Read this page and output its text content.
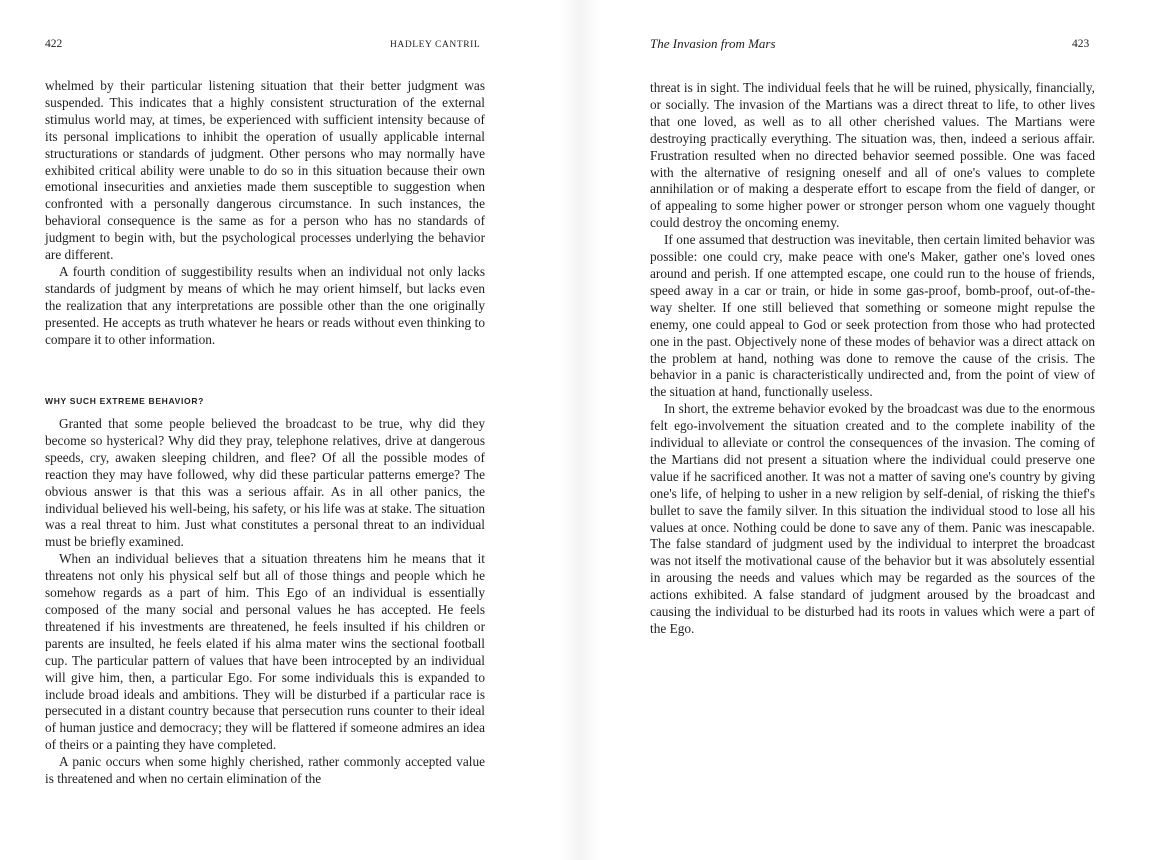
422	HADLEY CANTRIL

whelmed by their particular listening situation that their better judgment was suspended. This indicates that a highly consistent structuration of the external stimulus world may, at times, be experienced with sufficient intensity because of its personal implications to inhibit the operation of usually applicable internal structurations or standards of judgment. Other persons who may normally have exhibited critical ability were unable to do so in this situation because their own emotional insecurities and anxieties made them susceptible to suggestion when confronted with a personally dangerous circumstance. In such instances, the behavioral consequence is the same as for a person who has no standards of judgment to begin with, but the psychological processes underlying the behavior are different.

A fourth condition of suggestibility results when an individual not only lacks standards of judgment by means of which he may orient himself, but lacks even the realization that any interpretations are possible other than the one originally presented. He accepts as truth whatever he hears or reads without even thinking to compare it to other information.

WHY SUCH EXTREME BEHAVIOR?

Granted that some people believed the broadcast to be true, why did they become so hysterical? Why did they pray, telephone relatives, drive at dangerous speeds, cry, awaken sleeping children, and flee? Of all the possible modes of reaction they may have followed, why did these particular patterns emerge? The obvious answer is that this was a serious affair. As in all other panics, the individual believed his well-being, his safety, or his life was at stake. The situation was a real threat to him. Just what constitutes a personal threat to an individual must be briefly examined.

When an individual believes that a situation threatens him he means that it threatens not only his physical self but all of those things and people which he somehow regards as a part of him. This Ego of an individual is essentially composed of the many social and personal values he has accepted. He feels threatened if his investments are threatened, he feels insulted if his children or parents are insulted, he feels elated if his alma mater wins the sectional football cup. The particular pattern of values that have been introcepted by an individual will give him, then, a particular Ego. For some individuals this is expanded to include broad ideals and ambitions. They will be disturbed if a particular race is persecuted in a distant country because that persecution runs counter to their ideal of human justice and democracy; they will be flattered if someone admires an idea of theirs or a painting they have completed.

A panic occurs when some highly cherished, rather commonly accepted value is threatened and when no certain elimination of the

The Invasion from Mars	423

threat is in sight. The individual feels that he will be ruined, physically, financially, or socially. The invasion of the Martians was a direct threat to life, to other lives that one loved, as well as to all other cherished values. The Martians were destroying practically everything. The situation was, then, indeed a serious affair. Frustration resulted when no directed behavior seemed possible. One was faced with the alternative of resigning oneself and all of one's values to complete annihilation or of making a desperate effort to escape from the field of danger, or of appealing to some higher power or stronger person whom one vaguely thought could destroy the oncoming enemy.

If one assumed that destruction was inevitable, then certain limited behavior was possible: one could cry, make peace with one's Maker, gather one's loved ones around and perish. If one attempted escape, one could run to the house of friends, speed away in a car or train, or hide in some gas-proof, bomb-proof, out-of-the-way shelter. If one still believed that something or someone might repulse the enemy, one could appeal to God or seek protection from those who had protected one in the past. Objectively none of these modes of behavior was a direct attack on the problem at hand, nothing was done to remove the cause of the crisis. The behavior in a panic is characteristically undirected and, from the point of view of the situation at hand, functionally useless.

In short, the extreme behavior evoked by the broadcast was due to the enormous felt ego-involvement the situation created and to the complete inability of the individual to alleviate or control the consequences of the invasion. The coming of the Martians did not present a situation where the individual could preserve one value if he sacrificed another. It was not a matter of saving one's country by giving one's life, of helping to usher in a new religion by self-denial, of risking the thief's bullet to save the family silver. In this situation the individual stood to lose all his values at once. Nothing could be done to save any of them. Panic was inescapable. The false standard of judgment used by the individual to interpret the broadcast was not itself the motivational cause of the behavior but it was absolutely essential in arousing the needs and values which may be regarded as the sources of the actions exhibited. A false standard of judgment aroused by the broadcast and causing the individual to be disturbed had its roots in values which were a part of the Ego.
